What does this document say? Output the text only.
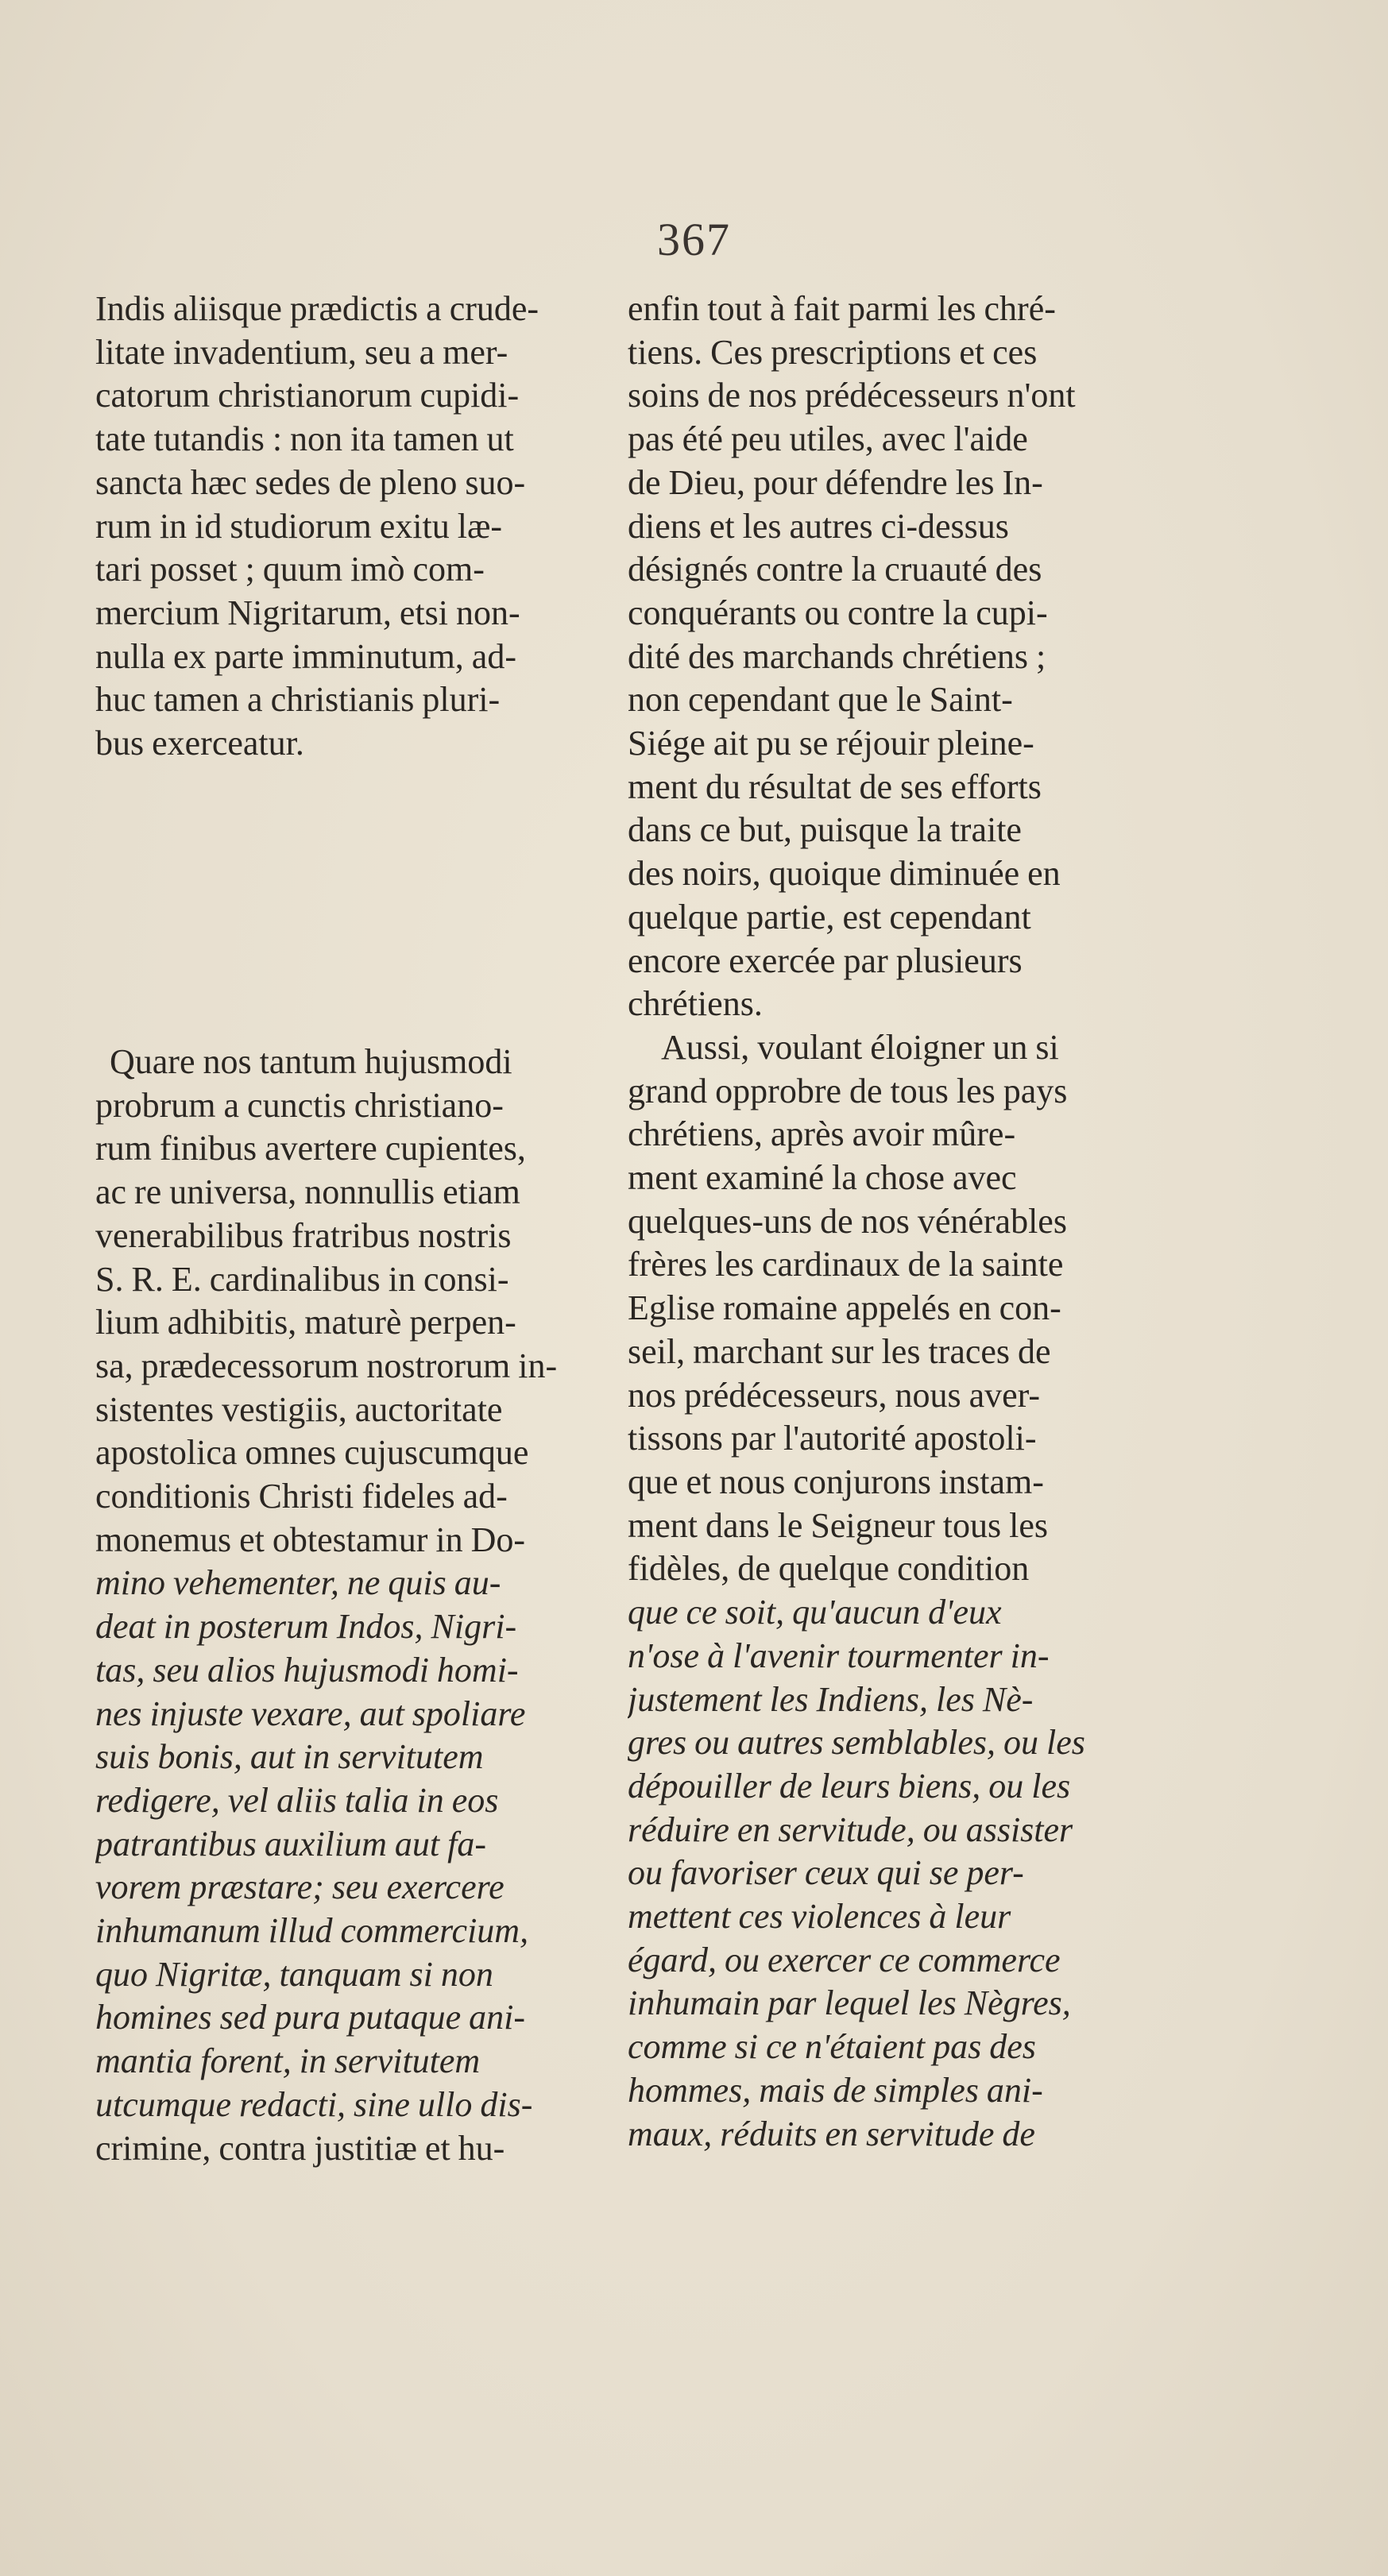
367
Indis aliisque prædictis a crude-
litate invadentium, seu a mer-
catorum christianorum cupidi-
tate tutandis : non ita tamen ut
sancta hæc sedes de pleno suo-
rum in id studiorum exitu læ-
tari posset ; quum imò com-
mercium Nigritarum, etsi non-
nulla ex parte imminutum, ad-
huc tamen a christianis pluri-
bus exerceatur.
Quare nos tantum hujusmodi
probrum a cunctis christiano-
rum finibus avertere cupientes,
ac re universa, nonnullis etiam
venerabilibus fratribus nostris
S. R. E. cardinalibus in consi-
lium adhibitis, maturè perpen-
sa, prædecessorum nostrorum in-
sistentes vestigiis, auctoritate
apostolica omnes cujuscumque
conditionis Christi fideles ad-
monemus et obtestamur in Do-
mino vehementer, ne quis au-
deat in posterum Indos, Nigri-
tas, seu alios hujusmodi homi-
nes injuste vexare, aut spoliare
suis bonis, aut in servitutem
redigere, vel aliis talia in eos
patrantibus auxilium aut fa-
vorem præstare; seu exercere
inhumanum illud commercium,
quo Nigritæ, tanquam si non
homines sed pura putaque ani-
mantia forent, in servitutem
utcumque redacti, sine ullo dis-
crimine, contra justitiæ et hu-
enfin tout à fait parmi les chré-
tiens. Ces prescriptions et ces
soins de nos prédécesseurs n'ont
pas été peu utiles, avec l'aide
de Dieu, pour défendre les In-
diens et les autres ci-dessus
désignés contre la cruauté des
conquérants ou contre la cupi-
dité des marchands chrétiens ;
non cependant que le Saint-
Siége ait pu se réjouir pleine-
ment du résultat de ses efforts
dans ce but, puisque la traite
des noirs, quoique diminuée en
quelque partie, est cependant
encore exercée par plusieurs
chrétiens.
Aussi, voulant éloigner un si
grand opprobre de tous les pays
chrétiens, après avoir mûre-
ment examiné la chose avec
quelques-uns de nos vénérables
frères les cardinaux de la sainte
Eglise romaine appelés en con-
seil, marchant sur les traces de
nos prédécesseurs, nous aver-
tissons par l'autorité apostoli-
que et nous conjurons instam-
ment dans le Seigneur tous les
fidèles, de quelque condition
que ce soit, qu'aucun d'eux
n'ose à l'avenir tourmenter in-
justement les Indiens, les Nè-
gres ou autres semblables, ou les
dépouiller de leurs biens, ou les
réduire en servitude, ou assister
ou favoriser ceux qui se per-
mettent ces violences à leur
égard, ou exercer ce commerce
inhumain par lequel les Nègres,
comme si ce n'étaient pas des
hommes, mais de simples ani-
maux, réduits en servitude de
